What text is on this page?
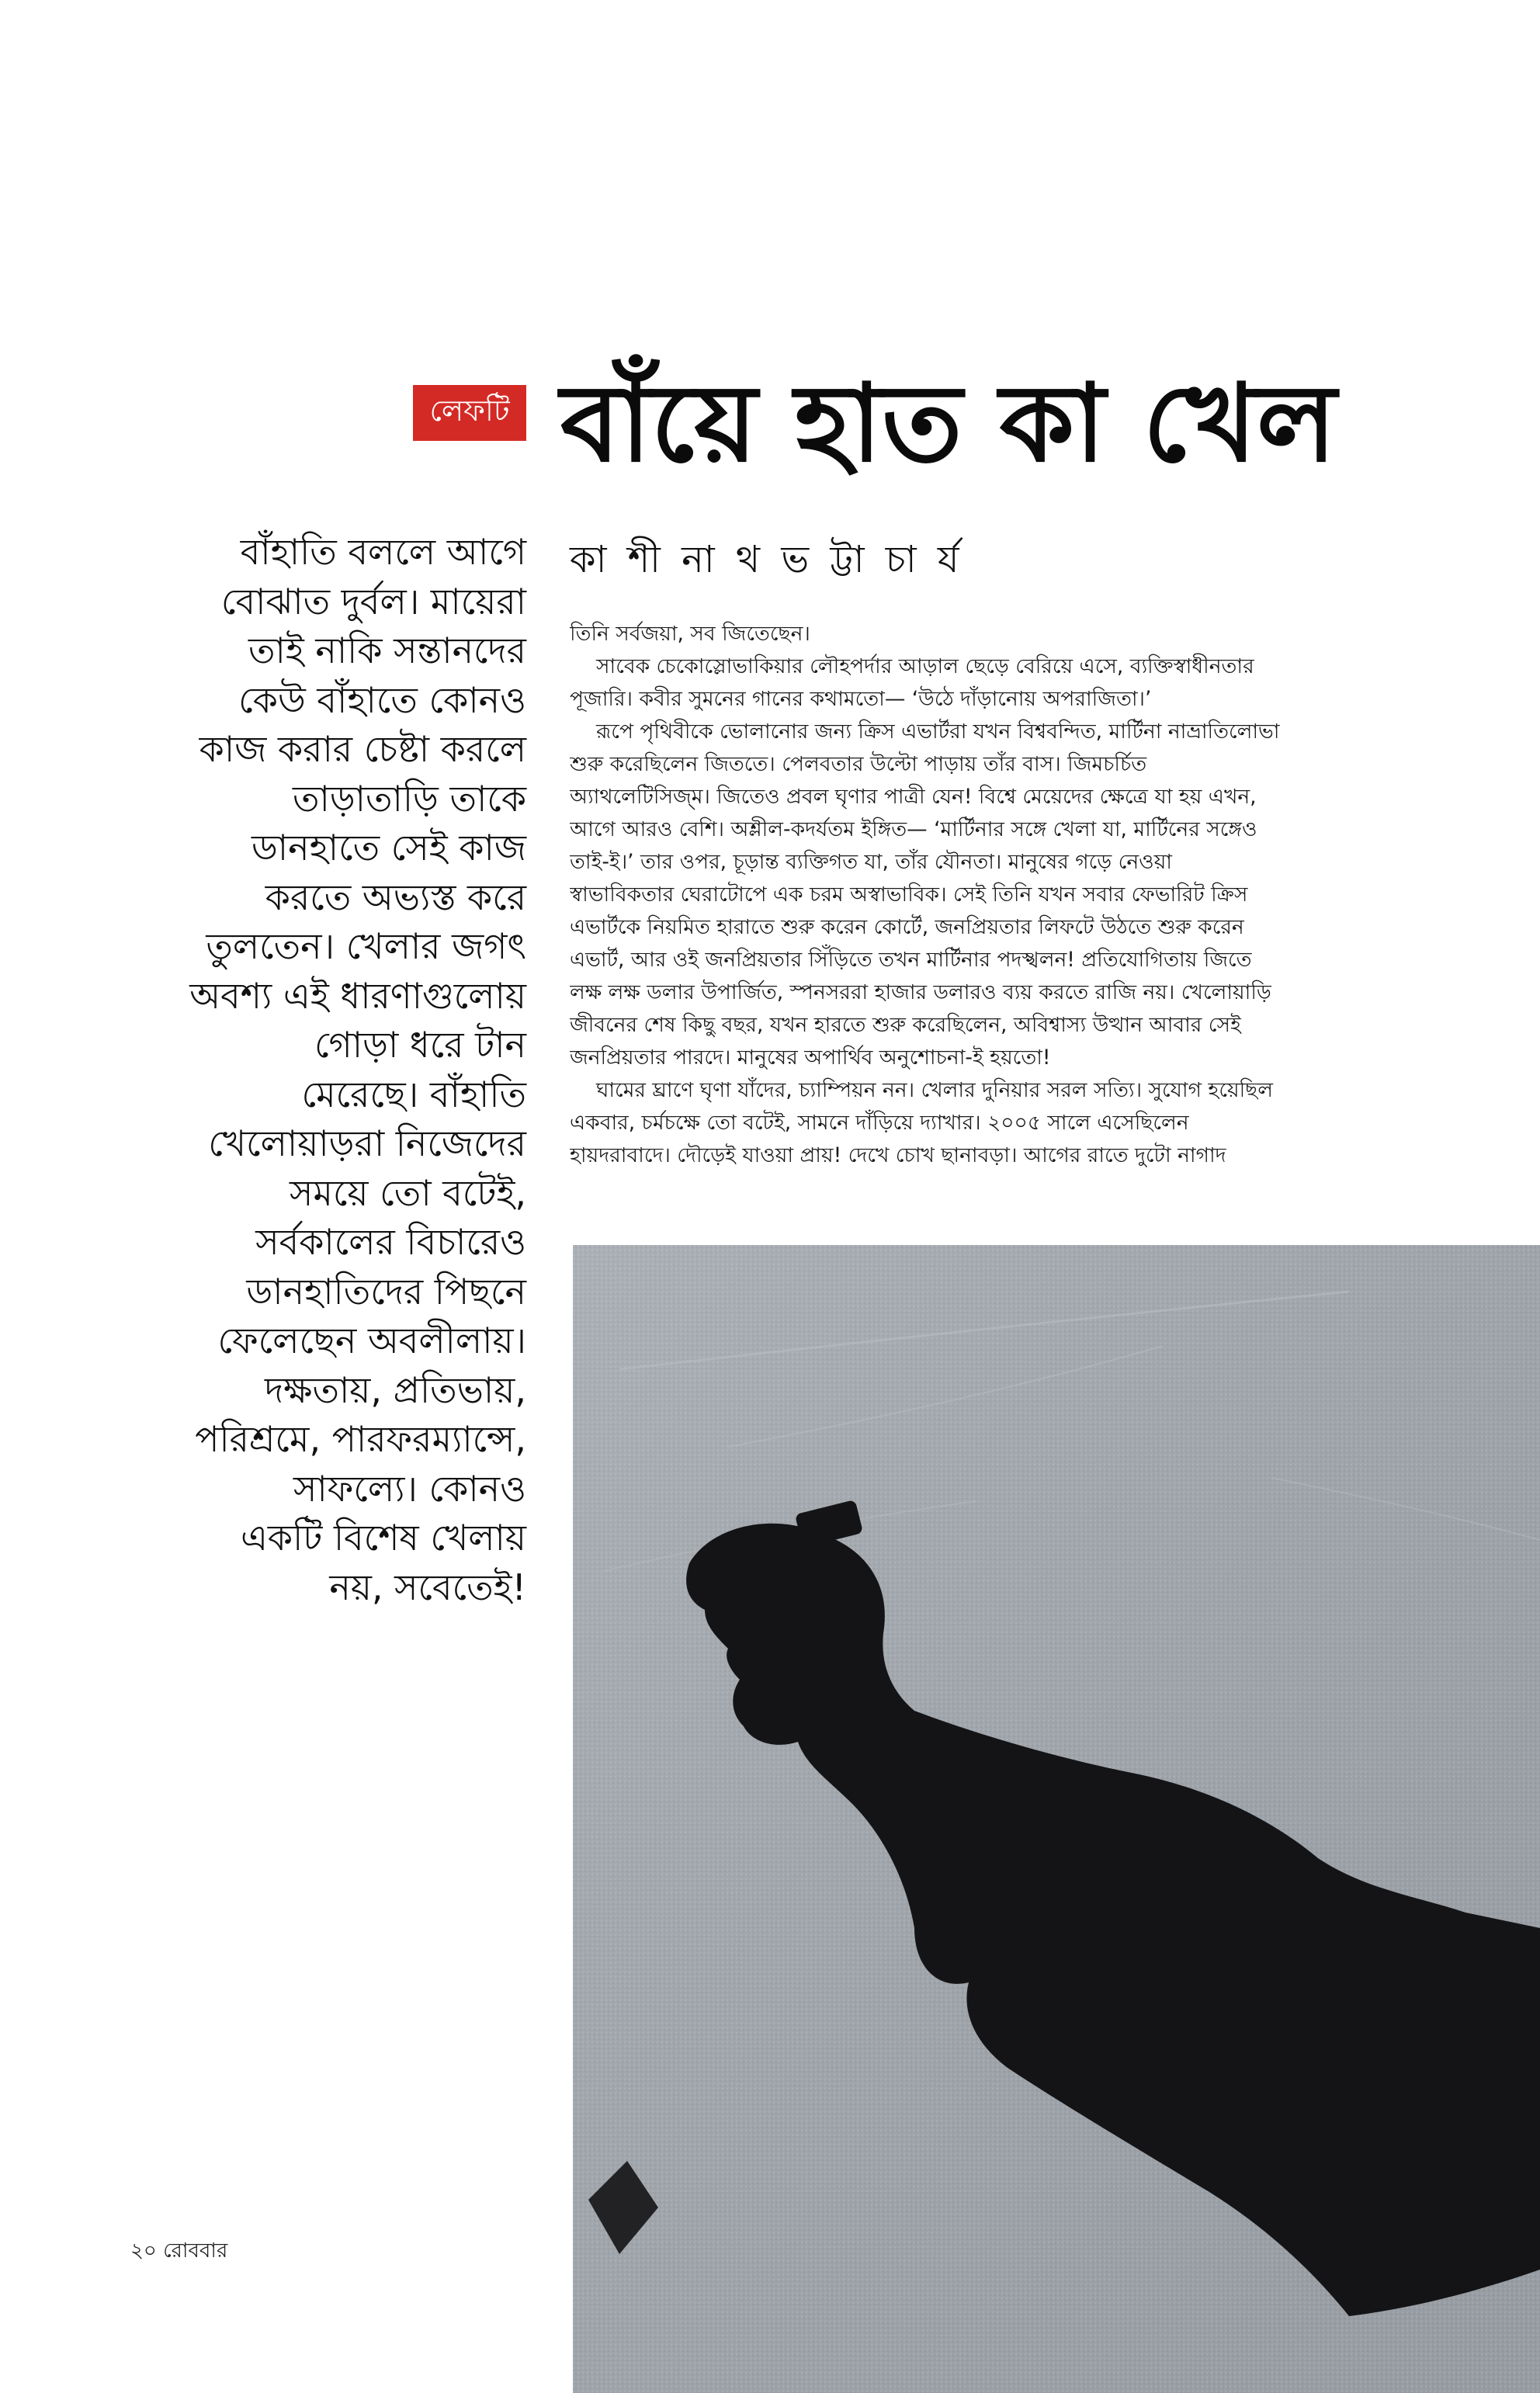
লেফটি বাঁয়ে হাত কা খেল
বাঁহাতি বললে আগে
বোঝাত দুর্বল। মায়েরা
তাই নাকি সন্তানদের
কেউ বাঁহাতে কোনও
কাজ করার চেষ্টা করলে
তাড়াতাড়ি তাকে
ডানহাতে সেই কাজ
করতে অভ্যস্ত করে
তুলতেন। খেলার জগৎ
অবশ্য এই ধারণাগুলোয়
গোড়া ধরে টান
মেরেছে। বাঁহাতি
খেলোয়াড়রা নিজেদের
সময়ে তো বটেই,
সর্বকালের বিচারেও
ডানহাতিদের পিছনে
ফেলেছেন অবলীলায়।
দক্ষতায়, প্রতিভায়,
পরিশ্রমে, পারফরম্যান্সে,
সাফল্যে। কোনও
একটি বিশেষ খেলায়
নয়, সবেতেই!
কা শী না থ ভ ট্টা চা র্য
তিনি সর্বজয়া, সব জিতেছেন।
সাবেক চেকোস্লোভাকিয়ার লৌহপর্দার আড়াল ছেড়ে বেরিয়ে এসে, ব্যক্তিস্বাধীনতার
পূজারি। কবীর সুমনের গানের কথামতো— ‘উঠে দাঁড়ানোয় অপরাজিতা।’
রূপে পৃথিবীকে ভোলানোর জন্য ক্রিস এভার্টরা যখন বিশ্ববন্দিত, মার্টিনা নাভ্রাতিলোভা
শুরু করেছিলেন জিততে। পেলবতার উল্টো পাড়ায় তাঁর বাস। জিমচর্চিত
অ্যাথলেটিসিজ্‌ম। জিতেও প্রবল ঘৃণার পাত্রী যেন! বিশ্বে মেয়েদের ক্ষেত্রে যা হয় এখন,
আগে আরও বেশি। অশ্লীল-কদর্যতম ইঙ্গিত— ‘মার্টিনার সঙ্গে খেলা যা, মার্টিনের সঙ্গেও
তাই-ই।’ তার ওপর, চূড়ান্ত ব্যক্তিগত যা, তাঁর যৌনতা। মানুষের গড়ে নেওয়া
স্বাভাবিকতার ঘেরাটোপে এক চরম অস্বাভাবিক। সেই তিনি যখন সবার ফেভারিট ক্রিস
এভার্টকে নিয়মিত হারাতে শুরু করেন কোর্টে, জনপ্রিয়তার লিফটে উঠতে শুরু করেন
এভার্ট, আর ওই জনপ্রিয়তার সিঁড়িতে তখন মার্টিনার পদস্খলন! প্রতিযোগিতায় জিতে
লক্ষ লক্ষ ডলার উপার্জিত, স্পনসররা হাজার ডলারও ব্যয় করতে রাজি নয়। খেলোয়াড়ি
জীবনের শেষ কিছু বছর, যখন হারতে শুরু করেছিলেন, অবিশ্বাস্য উত্থান আবার সেই
জনপ্রিয়তার পারদে। মানুষের অপার্থিব অনুশোচনা-ই হয়তো!
ঘামের ঘ্রাণে ঘৃণা যাঁদের, চ্যাম্পিয়ন নন। খেলার দুনিয়ার সরল সত্যি। সুযোগ হয়েছিল
একবার, চর্মচক্ষে তো বটেই, সামনে দাঁড়িয়ে দ্যাখার। ২০০৫ সালে এসেছিলেন
হায়দরাবাদে। দৌড়েই যাওয়া প্রায়! দেখে চোখ ছানাবড়া। আগের রাতে দুটো নাগাদ
২০ রোববার
